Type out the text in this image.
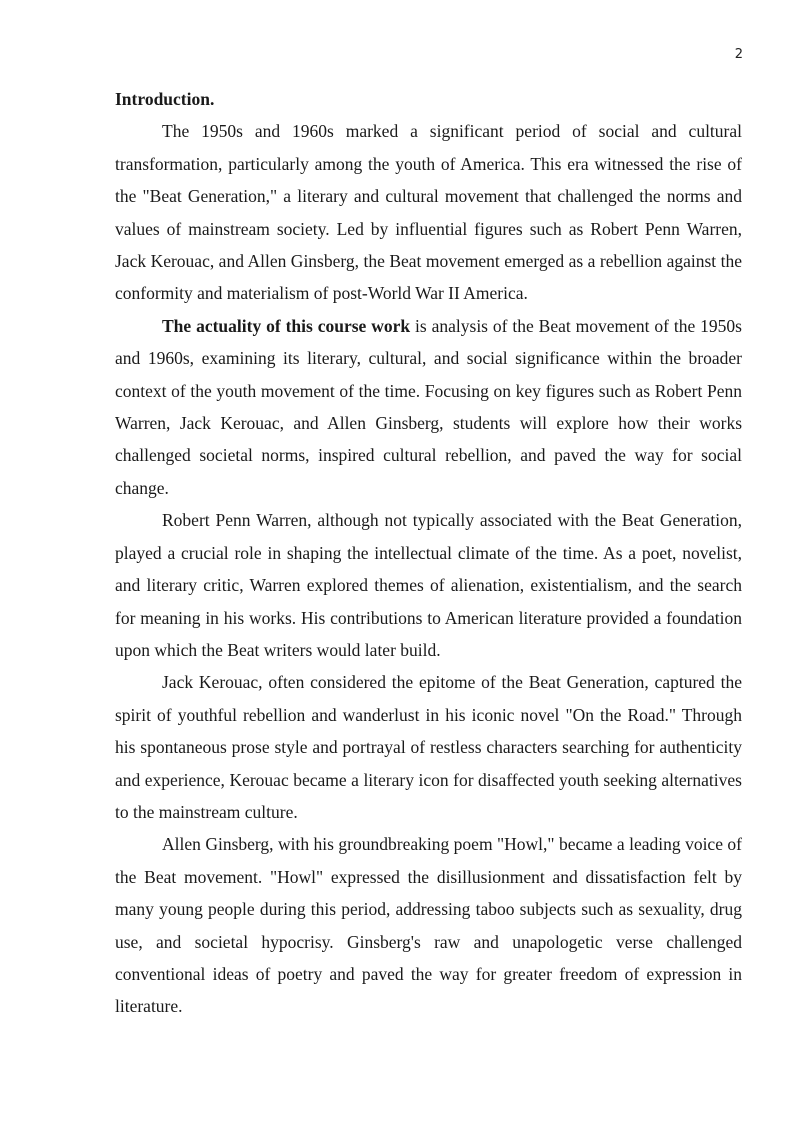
2

Introduction.

The 1950s and 1960s marked a significant period of social and cultural transformation, particularly among the youth of America. This era witnessed the rise of the "Beat Generation," a literary and cultural movement that challenged the norms and values of mainstream society. Led by influential figures such as Robert Penn Warren, Jack Kerouac, and Allen Ginsberg, the Beat movement emerged as a rebellion against the conformity and materialism of post-World War II America.

The actuality of this course work is analysis of the Beat movement of the 1950s and 1960s, examining its literary, cultural, and social significance within the broader context of the youth movement of the time. Focusing on key figures such as Robert Penn Warren, Jack Kerouac, and Allen Ginsberg, students will explore how their works challenged societal norms, inspired cultural rebellion, and paved the way for social change.

Robert Penn Warren, although not typically associated with the Beat Generation, played a crucial role in shaping the intellectual climate of the time. As a poet, novelist, and literary critic, Warren explored themes of alienation, existentialism, and the search for meaning in his works. His contributions to American literature provided a foundation upon which the Beat writers would later build.

Jack Kerouac, often considered the epitome of the Beat Generation, captured the spirit of youthful rebellion and wanderlust in his iconic novel "On the Road." Through his spontaneous prose style and portrayal of restless characters searching for authenticity and experience, Kerouac became a literary icon for disaffected youth seeking alternatives to the mainstream culture.

Allen Ginsberg, with his groundbreaking poem "Howl," became a leading voice of the Beat movement. "Howl" expressed the disillusionment and dissatisfaction felt by many young people during this period, addressing taboo subjects such as sexuality, drug use, and societal hypocrisy. Ginsberg's raw and unapologetic verse challenged conventional ideas of poetry and paved the way for greater freedom of expression in literature.
